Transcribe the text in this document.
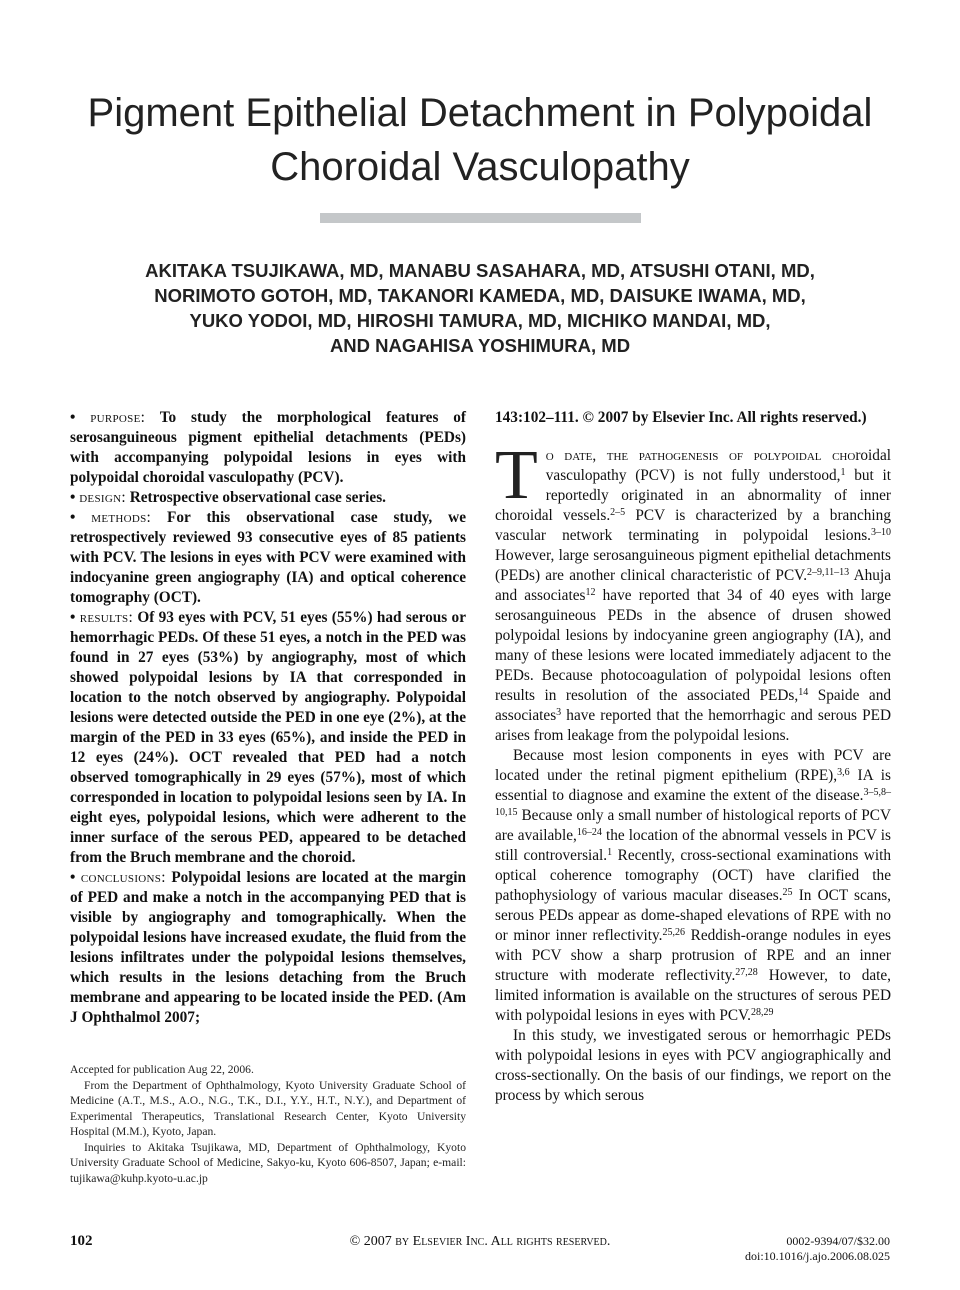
Pigment Epithelial Detachment in Polypoidal
Choroidal Vasculopathy
AKITAKA TSUJIKAWA, MD, MANABU SASAHARA, MD, ATSUSHI OTANI, MD,
NORIMOTO GOTOH, MD, TAKANORI KAMEDA, MD, DAISUKE IWAMA, MD,
YUKO YODOI, MD, HIROSHI TAMURA, MD, MICHIKO MANDAI, MD,
AND NAGAHISA YOSHIMURA, MD

• purpose: To study the morphological features of serosanguineous pigment epithelial detachments (PEDs) with accompanying polypoidal lesions in eyes with polypoidal choroidal vasculopathy (PCV).

• design: Retrospective observational case series.

• methods: For this observational case study, we retrospectively reviewed 93 consecutive eyes of 85 patients with PCV. The lesions in eyes with PCV were examined with indocyanine green angiography (IA) and optical coherence tomography (OCT).

• results: Of 93 eyes with PCV, 51 eyes (55%) had serous or hemorrhagic PEDs. Of these 51 eyes, a notch in the PED was found in 27 eyes (53%) by angiography, most of which showed polypoidal lesions by IA that corresponded in location to the notch observed by angiography. Polypoidal lesions were detected outside the PED in one eye (2%), at the margin of the PED in 33 eyes (65%), and inside the PED in 12 eyes (24%). OCT revealed that PED had a notch observed tomographically in 29 eyes (57%), most of which corresponded in location to polypoidal lesions seen by IA. In eight eyes, polypoidal lesions, which were adherent to the inner surface of the serous PED, appeared to be detached from the Bruch membrane and the choroid.

• conclusions: Polypoidal lesions are located at the margin of PED and make a notch in the accompanying PED that is visible by angiography and tomographically. When the polypoidal lesions have increased exudate, the fluid from the lesions infiltrates under the polypoidal lesions themselves, which results in the lesions detaching from the Bruch membrane and appearing to be located inside the PED. (Am J Ophthalmol 2007;

143:102–111. © 2007 by Elsevier Inc. All rights reserved.)

To date, the pathogenesis of polypoidal choroidal vasculopathy (PCV) is not fully understood,$^1$ but it reportedly originated in an abnormality of inner choroidal vessels.$^{2-5}$ PCV is characterized by a branching vascular network terminating in polypoidal lesions.$^{3-10}$ However, large serosanguineous pigment epithelial detachments (PEDs) are another clinical characteristic of PCV.$^{2-9,11-13}$ Ahuja and associates$^{12}$ have reported that 34 of 40 eyes with large serosanguineous PEDs in the absence of drusen showed polypoidal lesions by indocyanine green angiography (IA), and many of these lesions were located immediately adjacent to the PEDs. Because photocoagulation of polypoidal lesions often results in resolution of the associated PEDs,$^{14}$ Spaide and associates$^3$ have reported that the hemorrhagic and serous PED arises from leakage from the polypoidal lesions.

Because most lesion components in eyes with PCV are located under the retinal pigment epithelium (RPE),$^{3,6}$ IA is essential to diagnose and examine the extent of the disease.$^{3-5,8-10,15}$ Because only a small number of histological reports of PCV are available,$^{16-24}$ the location of the abnormal vessels in PCV is still controversial.$^1$ Recently, cross-sectional examinations with optical coherence tomography (OCT) have clarified the pathophysiology of various macular diseases.$^{25}$ In OCT scans, serous PEDs appear as dome-shaped elevations of RPE with no or minor inner reflectivity.$^{25,26}$ Reddish-orange nodules in eyes with PCV show a sharp protrusion of RPE and an inner structure with moderate reflectivity.$^{27,28}$ However, to date, limited information is available on the structures of serous PED with polypoidal lesions in eyes with PCV.$^{28,29}$

In this study, we investigated serous or hemorrhagic PEDs with polypoidal lesions in eyes with PCV angiographically and cross-sectionally. On the basis of our findings, we report on the process by which serous

Accepted for publication Aug 22, 2006.

From the Department of Ophthalmology, Kyoto University Graduate School of Medicine (A.T., M.S., A.O., N.G., T.K., D.I., Y.Y., H.T., N.Y.), and Department of Experimental Therapeutics, Translational Research Center, Kyoto University Hospital (M.M.), Kyoto, Japan.

Inquiries to Akitaka Tsujikawa, MD, Department of Ophthalmology, Kyoto University Graduate School of Medicine, Sakyo-ku, Kyoto 606-8507, Japan; e-mail: tujikawa@kuhp.kyoto-u.ac.jp

102	© 2007 by Elsevier Inc. All rights reserved.	0002-9394/07/$32.00
doi:10.1016/j.ajo.2006.08.025
